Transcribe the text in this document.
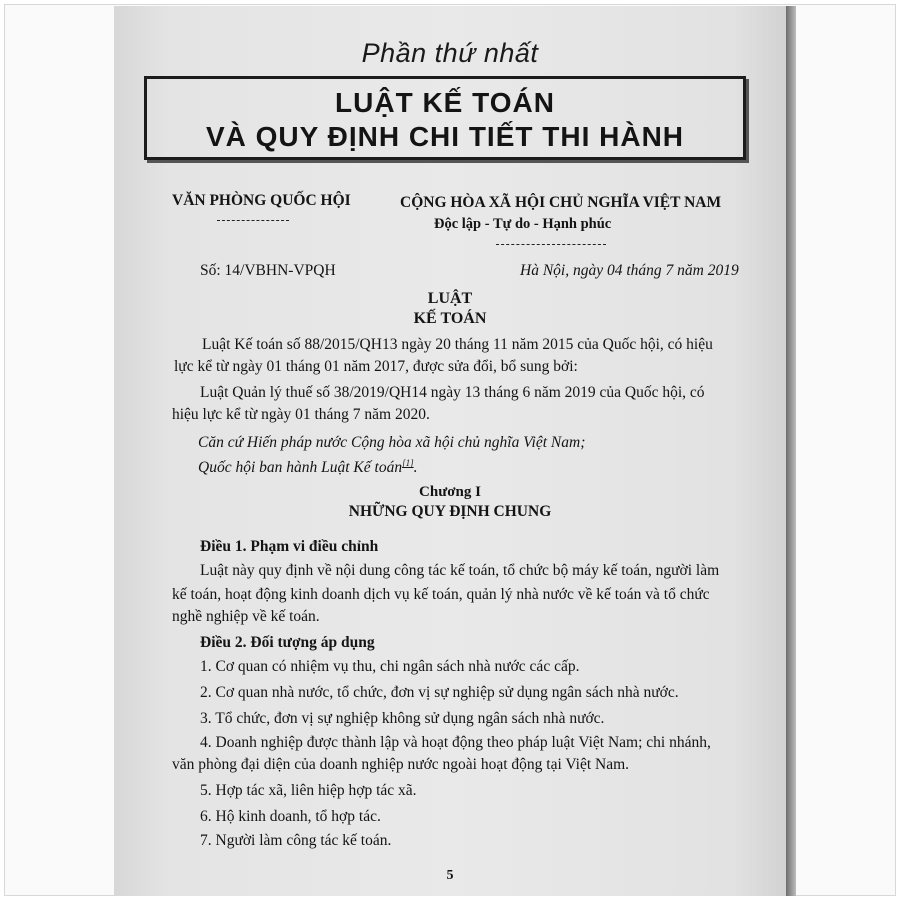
Phần thứ nhất
LUẬT KẾ TOÁN
VÀ QUY ĐỊNH CHI TIẾT THI HÀNH
VĂN PHÒNG QUỐC HỘI	CỘNG HÒA XÃ HỘI CHỦ NGHĨA VIỆT NAM
Độc lập - Tự do - Hạnh phúc
Số: 14/VBHN-VPQH	Hà Nội, ngày 04 tháng 7 năm 2019
LUẬT
KẾ TOÁN
Luật Kế toán số 88/2015/QH13 ngày 20 tháng 11 năm 2015 của Quốc hội, có hiệu
lực kể từ ngày 01 tháng 01 năm 2017, được sửa đổi, bổ sung bởi:
Luật Quản lý thuế số 38/2019/QH14 ngày 13 tháng 6 năm 2019 của Quốc hội, có
hiệu lực kể từ ngày 01 tháng 7 năm 2020.
Căn cứ Hiến pháp nước Cộng hòa xã hội chủ nghĩa Việt Nam;
Quốc hội ban hành Luật Kế toán[1].
Chương I
NHỮNG QUY ĐỊNH CHUNG
Điều 1. Phạm vi điều chỉnh
Luật này quy định về nội dung công tác kế toán, tổ chức bộ máy kế toán, người làm
kế toán, hoạt động kinh doanh dịch vụ kế toán, quản lý nhà nước về kế toán và tổ chức
nghề nghiệp về kế toán.
Điều 2. Đối tượng áp dụng
1. Cơ quan có nhiệm vụ thu, chi ngân sách nhà nước các cấp.
2. Cơ quan nhà nước, tổ chức, đơn vị sự nghiệp sử dụng ngân sách nhà nước.
3. Tổ chức, đơn vị sự nghiệp không sử dụng ngân sách nhà nước.
4. Doanh nghiệp được thành lập và hoạt động theo pháp luật Việt Nam; chi nhánh,
văn phòng đại diện của doanh nghiệp nước ngoài hoạt động tại Việt Nam.
5. Hợp tác xã, liên hiệp hợp tác xã.
6. Hộ kinh doanh, tổ hợp tác.
7. Người làm công tác kế toán.
5
